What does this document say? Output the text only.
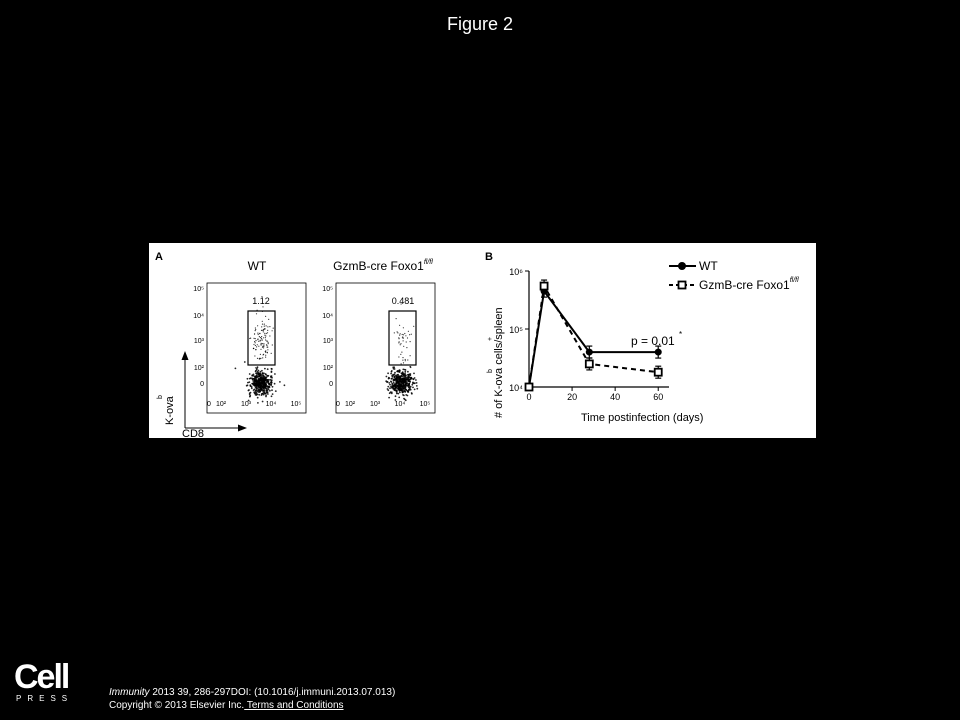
Figure 2
A
WT
1.12
GzmB-cre $Foxo1^{fl/fl}$
0.481
10⁵
10⁴
10³
10²
0
10⁵
10⁴
10³
10²
0
0 10² 10³ 10⁴ 10⁵	0 10² 10³ 10⁴ 10⁵
K-ova
b
CD8
B
# of K-ova cells/spleen
b
+
10⁴
10⁵
10⁶
0	20	40	60
Time postinfection (days)
p = 0.01 *
WT
GzmB-cre $Foxo1^{fl/fl}$
Cell
PRESS
Immunity 2013 39, 286-297DOI: (10.1016/j.immuni.2013.07.013)
Copyright © 2013 Elsevier Inc. Terms and Conditions
